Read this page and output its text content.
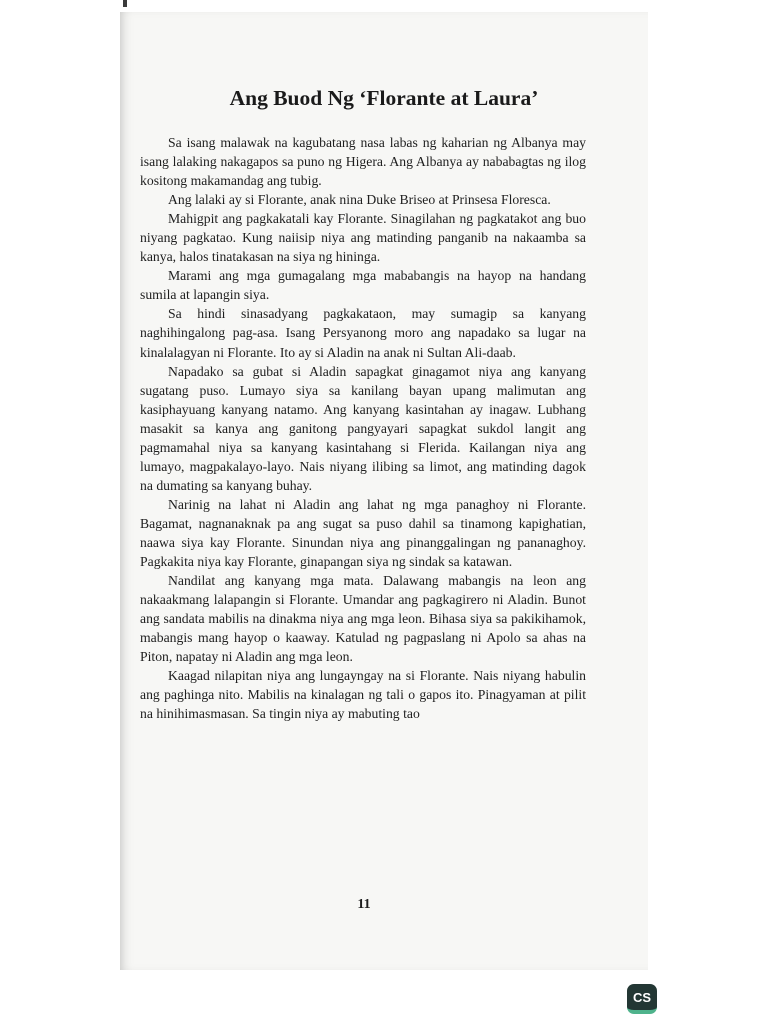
Ang Buod Ng ‘Florante at Laura’

Sa isang malawak na kagubatang nasa labas ng kaharian ng Albanya may isang lalaking nakagapos sa puno ng Higera. Ang Albanya ay nababagtas ng ilog kositong makamandag ang tubig.

Ang lalaki ay si Florante, anak nina Duke Briseo at Prinsesa Floresca.

Mahigpit ang pagkakatali kay Florante. Sinagilahan ng pagkatakot ang buo niyang pagkatao. Kung naiisip niya ang matinding panganib na nakaamba sa kanya, halos tinatakasan na siya ng hininga.

Marami ang mga gumagalang mga mababangis na hayop na handang sumila at lapangin siya.

Sa hindi sinasadyang pagkakataon, may sumagip sa kanyang naghihingalong pag-asa. Isang Persyanong moro ang napadako sa lugar na kinalalagyan ni Florante. Ito ay si Aladin na anak ni Sultan Ali-daab.

Napadako sa gubat si Aladin sapagkat ginagamot niya ang kanyang sugatang puso. Lumayo siya sa kanilang bayan upang malimutan ang kasiphayuang kanyang natamo. Ang kanyang kasintahan ay inagaw. Lubhang masakit sa kanya ang ganitong pangyayari sapagkat sukdol langit ang pagmamahal niya sa kanyang kasintahang si Flerida. Kailangan niya ang lumayo, magpakalayo-layo. Nais niyang ilibing sa limot, ang matinding dagok na dumating sa kanyang buhay.

Narinig na lahat ni Aladin ang lahat ng mga panaghoy ni Florante. Bagamat, nagnanaknak pa ang sugat sa puso dahil sa tinamong kapighatian, naawa siya kay Florante. Sinundan niya ang pinanggalingan ng pananaghoy. Pagkakita niya kay Florante, ginapangan siya ng sindak sa katawan.

Nandilat ang kanyang mga mata. Dalawang mabangis na leon ang nakaakmang lalapangin si Florante. Umandar ang pagkagirero ni Aladin. Bunot ang sandata mabilis na dinakma niya ang mga leon. Bihasa siya sa pakikihamok, mabangis mang hayop o kaaway. Katulad ng pagpaslang ni Apolo sa ahas na Piton, napatay ni Aladin ang mga leon.

Kaagad nilapitan niya ang lungayngay na si Florante. Nais niyang habulin ang paghinga nito. Mabilis na kinalagan ng tali o gapos ito. Pinagyaman at pilit na hinihimasmasan. Sa tingin niya ay mabuting tao

11
CS
